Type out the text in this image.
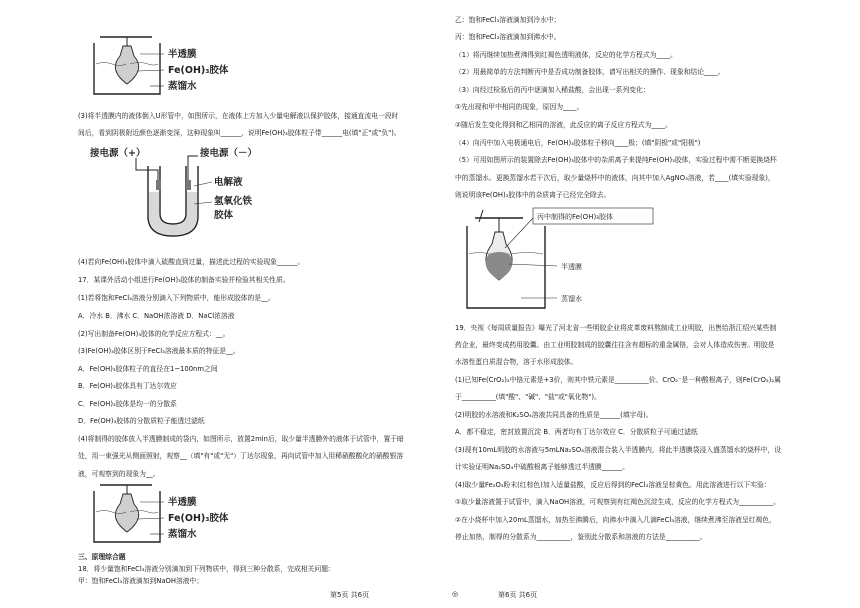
半透膜
Fe(OH)₃胶体
蒸馏水
(3)将半透膜内的液体倒入U形管中，如图所示，在液体上方加入少量电解液以保护胶体，接通直流电一段时
间后，看到阴极附近颜色逐渐变深，这种现象叫______，说明Fe(OH)₃胶体粒子带______电(填"正"或"负")。
接电源（+）	接电源（－）
电解液
氢氧化铁
胶体
(4)若向Fe(OH)₃胶体中滴入硫酸直到过量，描述此过程的实验现象______。
17．某课外活动小组进行Fe(OH)₃胶体的制备实验并检验其相关性质。
(1)若将饱和FeCl₃溶液分别滴入下列物质中，能形成胶体的是__。
A．冷水 B．沸水 C．NaOH浓溶液 D．NaCl浓溶液
(2)写出制备Fe(OH)₃胶体的化学反应方程式：__。
(3)Fe(OH)₃胶体区别于FeCl₃溶液最本质的特征是__。
A．Fe(OH)₃胶体粒子的直径在1~100nm之间
B．Fe(OH)₃胶体具有丁达尔效应
C．Fe(OH)₃胶体是均一的分散系
D．Fe(OH)₃胶体的分散质粒子能透过滤纸
(4)将制得的胶体放入半透膜制成的袋内，如图所示，放置2min后，取少量半透膜外的液体于试管中，置于暗
处，用一束强光从侧面照射，观察__（填"有"或"无"）丁达尔现象，再向试管中加入用稀硝酸酸化的硝酸银溶
液，可观察到的现象为__。
半透膜
Fe(OH)₃胶体
蒸馏水
三、原理综合题
18．将少量饱和FeCl₃溶液分别滴加到下列物质中，得到三种分散系，完成相关问题:
甲：饱和FeCl₃溶液滴加到NaOH溶液中；
乙：饱和FeCl₃溶液滴加到冷水中；
丙：饱和FeCl₃溶液滴加到沸水中。
（1）将丙继续加热煮沸得到红褐色透明液体，反应的化学方程式为____。
（2）用最简单的方法判断丙中是否成功制备胶体，请写出相关的操作、现象和结论____。
（3）向经过检验后的丙中逐滴加入稀盐酸，会出现一系列变化：
①先出现和甲中相同的现象，原因为____。
②随后发生变化得到和乙相同的溶液，此反应的离子反应方程式为____。
（4）向丙中加入电极通电后，Fe(OH)₃胶体粒子移向____极；(填"阴极"或"阳极")
（5）可用如图所示的装置除去Fe(OH)₃胶体中的杂质离子来提纯Fe(OH)₃胶体，实验过程中需不断更换烧杯
中的蒸馏水。更换蒸馏水若干次后，取少量烧杯中的液体，向其中加入AgNO₃溶液，若____(填实验现象)，
则说明该Fe(OH)₃胶体中的杂质离子已经完全除去。
丙中制得的Fe(OH)₃胶体
半透膜
蒸馏水
19．央视《每周质量报告》曝光了河北省一些明胶企业将皮革废料熬制成工业明胶，出售给浙江绍兴某些制
药企业，最终变成药用胶囊。由工业明胶制成的胶囊往往含有超标的重金属铬，会对人体造成伤害。明胶是
水溶性蛋白质混合物，溶于水形成胶体。
(1)已知Fe(CrO₂)₂中铬元素是+3价，则其中铁元素是__________价。CrO₂⁻是一种酸根离子，则Fe(CrO₂)₂属
于__________(填"酸"、"碱"、"盐"或"氧化物")。
(2)明胶的水溶液和K₂SO₄溶液共同具备的性质是______(填字母)。
A．都不稳定，密封放置沉淀 B．两者均有丁达尔效应 C．分散质粒子可通过滤纸
(3)现有10mL明胶的水溶液与5mLNa₂SO₄溶液混合装入半透膜内，将此半透膜袋浸入盛蒸馏水的烧杯中，设
计实验证明Na₂SO₄中硫酸根离子能够透过半透膜______。
(4)取少量Fe₂O₃粉末(红棕色)加入适量盐酸，反应后得到的FeCl₃溶液呈棕黄色。用此溶液进行以下实验：
①取少量溶液置于试管中，滴入NaOH溶液，可观察到有红褐色沉淀生成，反应的化学方程式为__________。
②在小烧杯中加入20mL蒸馏水，加热至沸腾后，向沸水中滴入几滴FeCl₃溶液，继续煮沸至溶液呈红褐色，
停止加热，制得的分散系为__________，鉴别此分散系和溶液的方法是__________。
第5页 共6页	◎	第6页 共6页
